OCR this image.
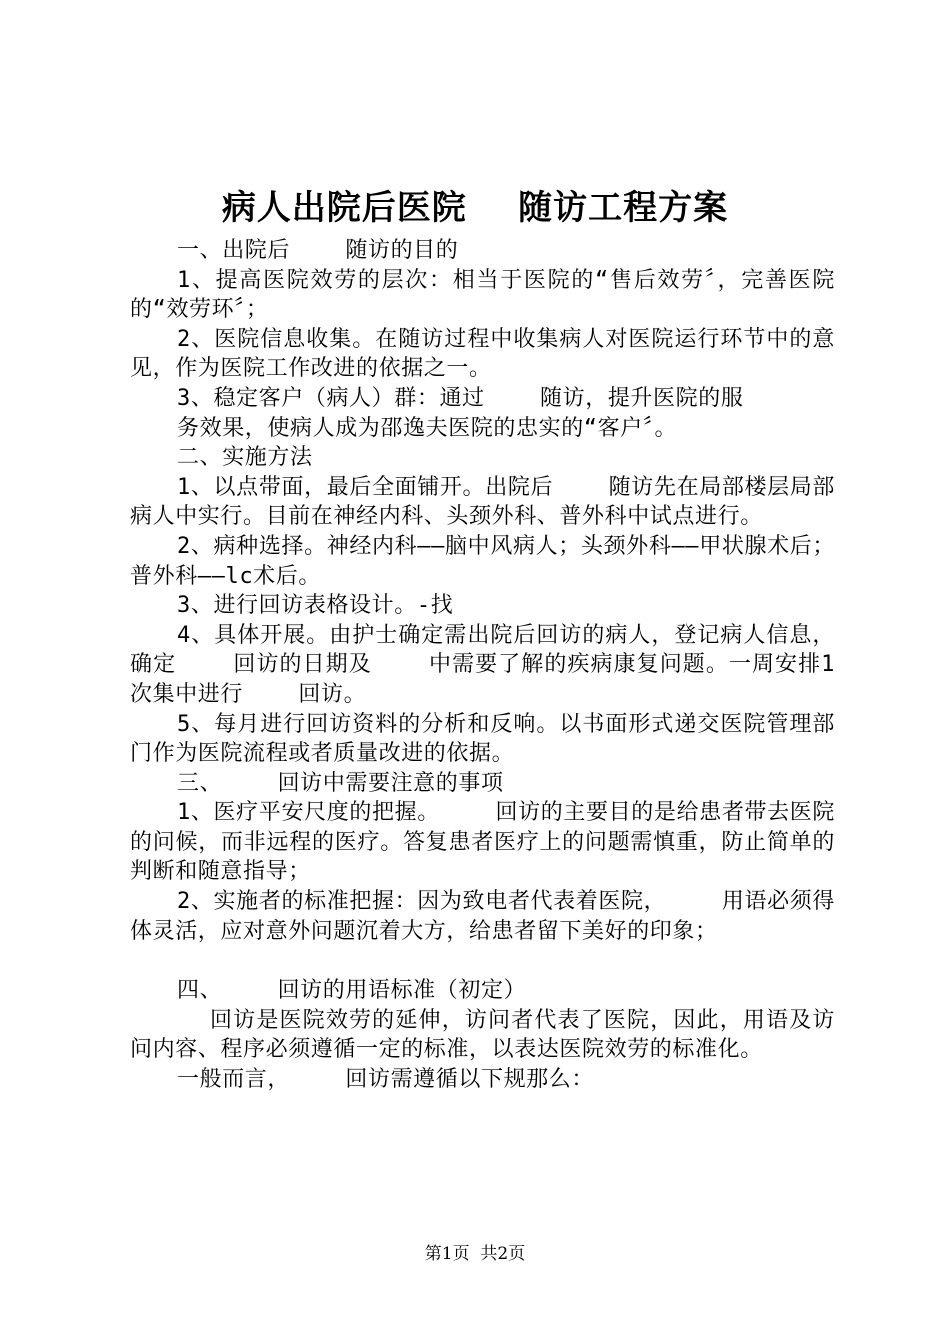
病人出院后医院    随访工程方案

一、出院后    随访的目的

1、提高医院效劳的层次：相当于医院的“售后效劳〞，完善医院的“效劳环〞；

2、医院信息收集。在随访过程中收集病人对医院运行环节中的意见，作为医院工作改进的依据之一。

3、稳定客户（病人）群：通过    随访，提升医院的服

务效果，使病人成为邵逸夫医院的忠实的“客户〞。

二、实施方法

1、以点带面，最后全面铺开。出院后    随访先在局部楼层局部病人中实行。目前在神经内科、头颈外科、普外科中试点进行。

2、病种选择。神经内科——脑中风病人；头颈外科——甲状腺术后；普外科——lc术后。

3、进行回访表格设计。-找

4、具体开展。由护士确定需出院后回访的病人，登记病人信息，确定    回访的日期及    中需要了解的疾病康复问题。一周安排1次集中进行    回访。

5、每月进行回访资料的分析和反响。以书面形式递交医院管理部门作为医院流程或者质量改进的依据。

三、    回访中需要注意的事项

1、医疗平安尺度的把握。    回访的主要目的是给患者带去医院的问候，而非远程的医疗。答复患者医疗上的问题需慎重，防止简单的判断和随意指导；

2、实施者的标准把握：因为致电者代表着医院，    用语必须得体灵活，应对意外问题沉着大方，给患者留下美好的印象；

四、    回访的用语标准（初定）

回访是医院效劳的延伸，访问者代表了医院，因此，用语及访问内容、程序必须遵循一定的标准，以表达医院效劳的标准化。

一般而言，    回访需遵循以下规那么：

第1页  共2页
